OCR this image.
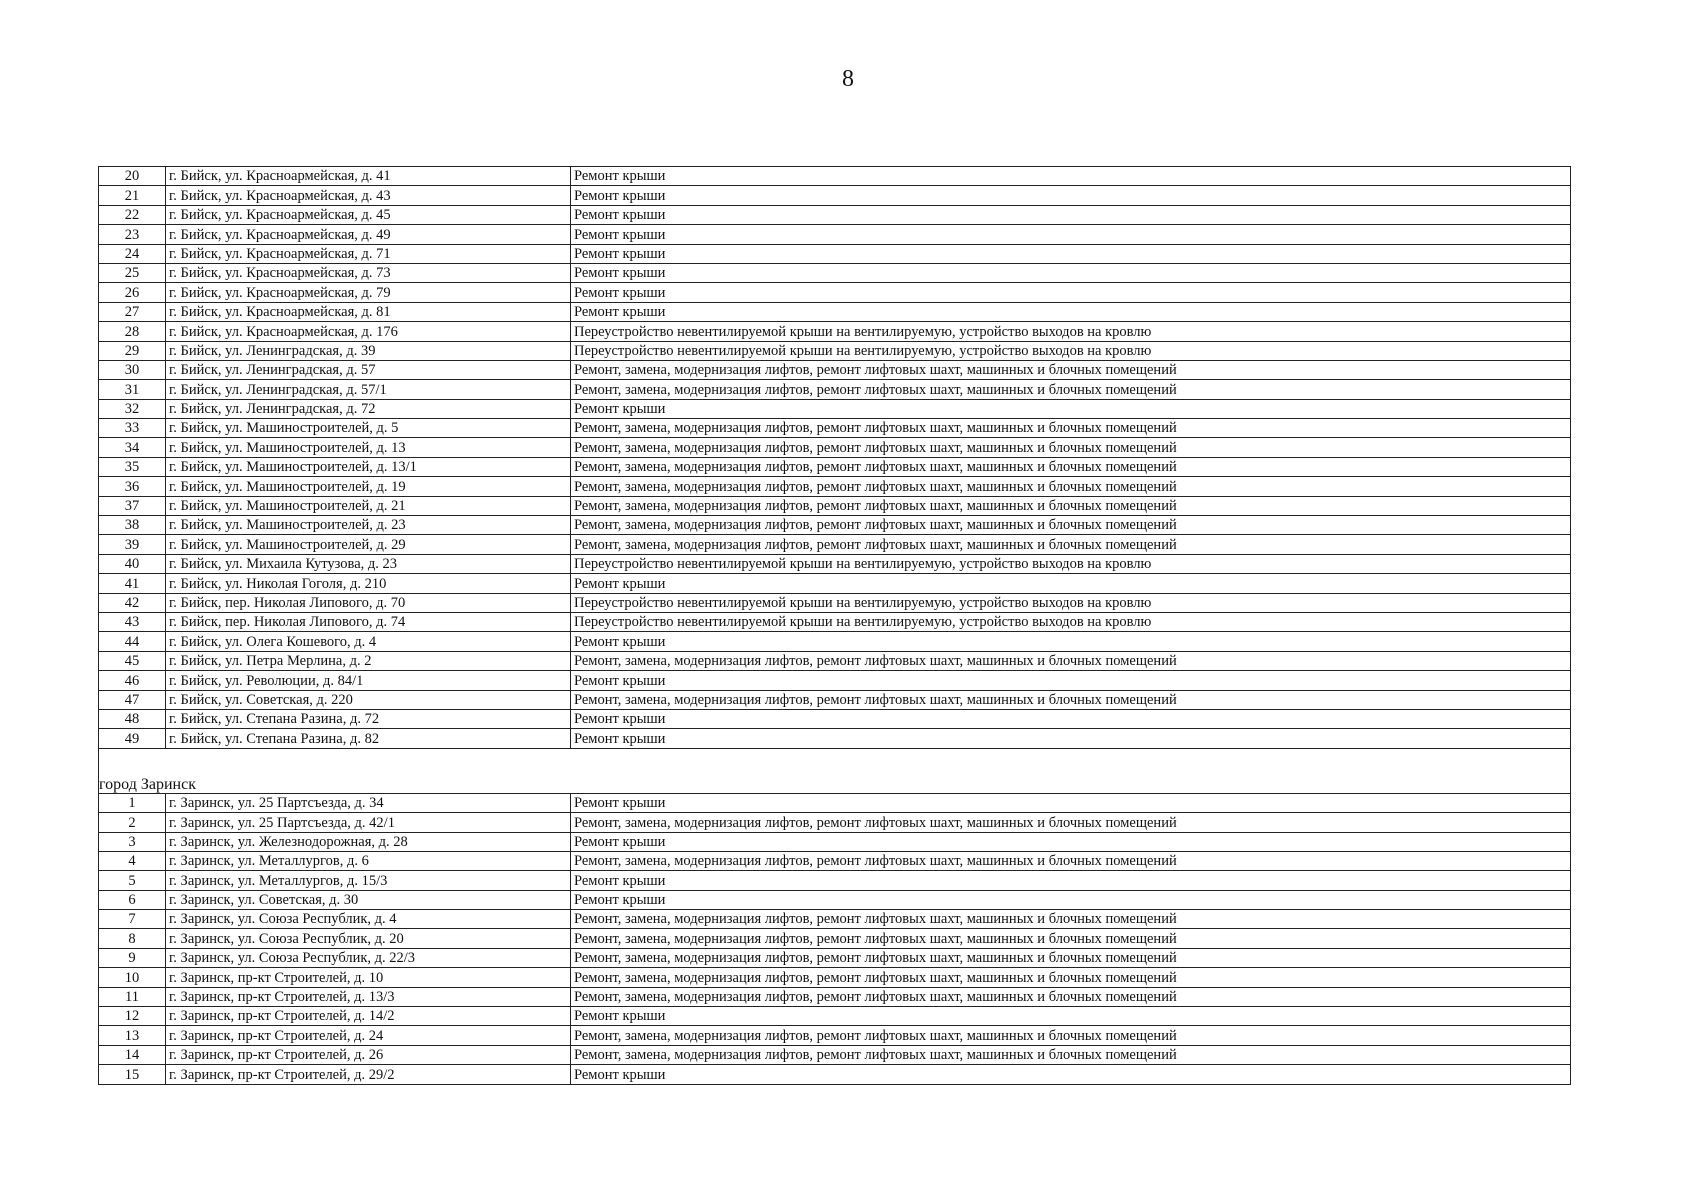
8
20	г. Бийск, ул. Красноармейская, д. 41	Ремонт крыши
21	г. Бийск, ул. Красноармейская, д. 43	Ремонт крыши
22	г. Бийск, ул. Красноармейская, д. 45	Ремонт крыши
23	г. Бийск, ул. Красноармейская, д. 49	Ремонт крыши
24	г. Бийск, ул. Красноармейская, д. 71	Ремонт крыши
25	г. Бийск, ул. Красноармейская, д. 73	Ремонт крыши
26	г. Бийск, ул. Красноармейская, д. 79	Ремонт крыши
27	г. Бийск, ул. Красноармейская, д. 81	Ремонт крыши
28	г. Бийск, ул. Красноармейская, д. 176	Переустройство невентилируемой крыши на вентилируемую, устройство выходов на кровлю
29	г. Бийск, ул. Ленинградская, д. 39	Переустройство невентилируемой крыши на вентилируемую, устройство выходов на кровлю
30	г. Бийск, ул. Ленинградская, д. 57	Ремонт, замена, модернизация лифтов, ремонт лифтовых шахт, машинных и блочных помещений
31	г. Бийск, ул. Ленинградская, д. 57/1	Ремонт, замена, модернизация лифтов, ремонт лифтовых шахт, машинных и блочных помещений
32	г. Бийск, ул. Ленинградская, д. 72	Ремонт крыши
33	г. Бийск, ул. Машиностроителей, д. 5	Ремонт, замена, модернизация лифтов, ремонт лифтовых шахт, машинных и блочных помещений
34	г. Бийск, ул. Машиностроителей, д. 13	Ремонт, замена, модернизация лифтов, ремонт лифтовых шахт, машинных и блочных помещений
35	г. Бийск, ул. Машиностроителей, д. 13/1	Ремонт, замена, модернизация лифтов, ремонт лифтовых шахт, машинных и блочных помещений
36	г. Бийск, ул. Машиностроителей, д. 19	Ремонт, замена, модернизация лифтов, ремонт лифтовых шахт, машинных и блочных помещений
37	г. Бийск, ул. Машиностроителей, д. 21	Ремонт, замена, модернизация лифтов, ремонт лифтовых шахт, машинных и блочных помещений
38	г. Бийск, ул. Машиностроителей, д. 23	Ремонт, замена, модернизация лифтов, ремонт лифтовых шахт, машинных и блочных помещений
39	г. Бийск, ул. Машиностроителей, д. 29	Ремонт, замена, модернизация лифтов, ремонт лифтовых шахт, машинных и блочных помещений
40	г. Бийск, ул. Михаила Кутузова, д. 23	Переустройство невентилируемой крыши на вентилируемую, устройство выходов на кровлю
41	г. Бийск, ул. Николая Гоголя, д. 210	Ремонт крыши
42	г. Бийск, пер. Николая Липового, д. 70	Переустройство невентилируемой крыши на вентилируемую, устройство выходов на кровлю
43	г. Бийск, пер. Николая Липового, д. 74	Переустройство невентилируемой крыши на вентилируемую, устройство выходов на кровлю
44	г. Бийск, ул. Олега Кошевого, д. 4	Ремонт крыши
45	г. Бийск, ул. Петра Мерлина, д. 2	Ремонт, замена, модернизация лифтов, ремонт лифтовых шахт, машинных и блочных помещений
46	г. Бийск, ул. Революции, д. 84/1	Ремонт крыши
47	г. Бийск, ул. Советская, д. 220	Ремонт, замена, модернизация лифтов, ремонт лифтовых шахт, машинных и блочных помещений
48	г. Бийск, ул. Степана Разина, д. 72	Ремонт крыши
49	г. Бийск, ул. Степана Разина, д. 82	Ремонт крыши
город Заринск		
1	г. Заринск, ул. 25 Партсъезда, д. 34	Ремонт крыши
2	г. Заринск, ул. 25 Партсъезда, д. 42/1	Ремонт, замена, модернизация лифтов, ремонт лифтовых шахт, машинных и блочных помещений
3	г. Заринск, ул. Железнодорожная, д. 28	Ремонт крыши
4	г. Заринск, ул. Металлургов, д. 6	Ремонт, замена, модернизация лифтов, ремонт лифтовых шахт, машинных и блочных помещений
5	г. Заринск, ул. Металлургов, д. 15/3	Ремонт крыши
6	г. Заринск, ул. Советская, д. 30	Ремонт крыши
7	г. Заринск, ул. Союза Республик, д. 4	Ремонт, замена, модернизация лифтов, ремонт лифтовых шахт, машинных и блочных помещений
8	г. Заринск, ул. Союза Республик, д. 20	Ремонт, замена, модернизация лифтов, ремонт лифтовых шахт, машинных и блочных помещений
9	г. Заринск, ул. Союза Республик, д. 22/3	Ремонт, замена, модернизация лифтов, ремонт лифтовых шахт, машинных и блочных помещений
10	г. Заринск, пр-кт Строителей, д. 10	Ремонт, замена, модернизация лифтов, ремонт лифтовых шахт, машинных и блочных помещений
11	г. Заринск, пр-кт Строителей, д. 13/3	Ремонт, замена, модернизация лифтов, ремонт лифтовых шахт, машинных и блочных помещений
12	г. Заринск, пр-кт Строителей, д. 14/2	Ремонт крыши
13	г. Заринск, пр-кт Строителей, д. 24	Ремонт, замена, модернизация лифтов, ремонт лифтовых шахт, машинных и блочных помещений
14	г. Заринск, пр-кт Строителей, д. 26	Ремонт, замена, модернизация лифтов, ремонт лифтовых шахт, машинных и блочных помещений
15	г. Заринск, пр-кт Строителей, д. 29/2	Ремонт крыши
